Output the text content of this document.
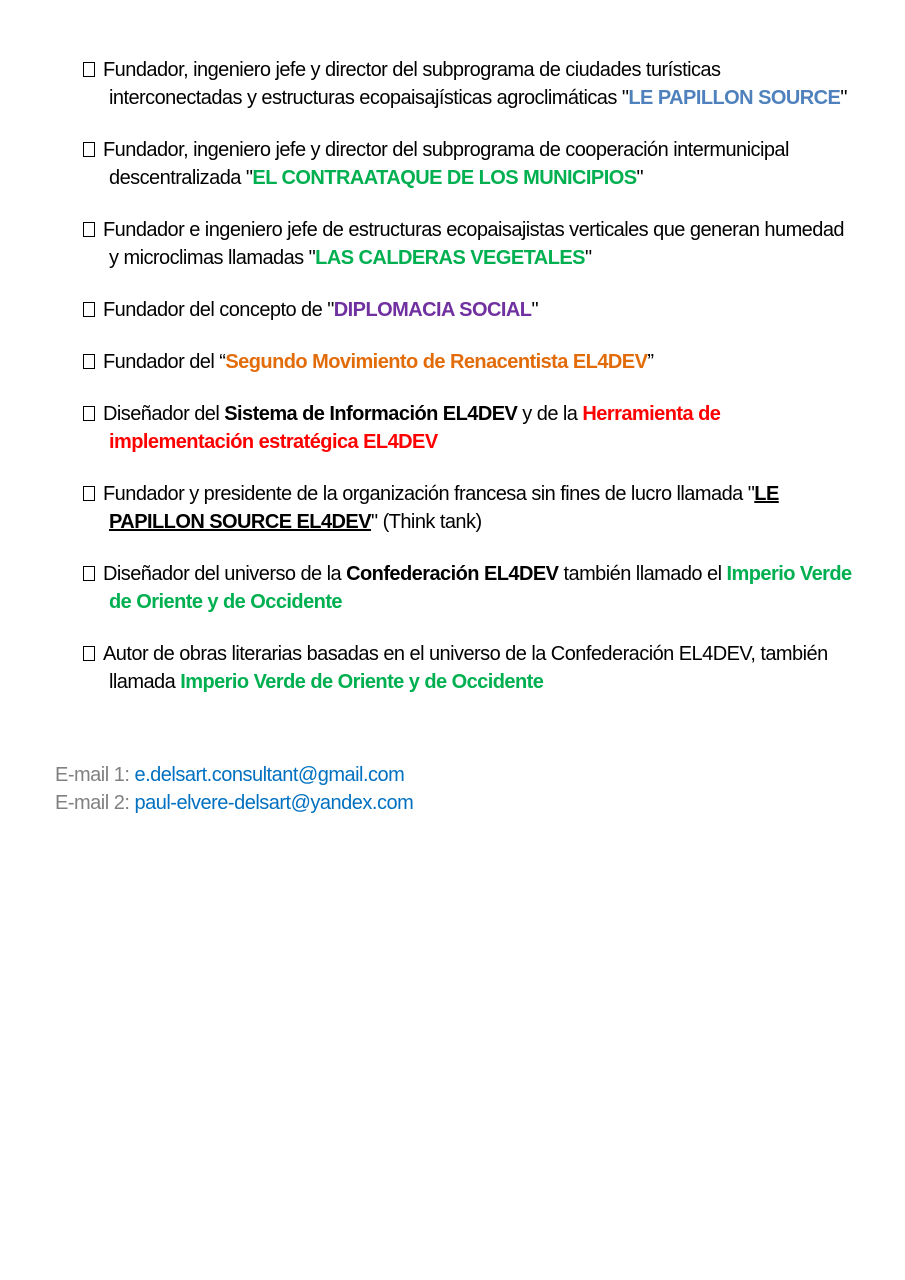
Fundador, ingeniero jefe y director del subprograma de ciudades turísticas interconectadas y estructuras ecopaisajísticas agroclimáticas "LE PAPILLON SOURCE"
Fundador, ingeniero jefe y director del subprograma de cooperación intermunicipal descentralizada "EL CONTRAATAQUE DE LOS MUNICIPIOS"
Fundador e ingeniero jefe de estructuras ecopaisajistas verticales que generan humedad y microclimas llamadas "LAS CALDERAS VEGETALES"
Fundador del concepto de "DIPLOMACIA SOCIAL"
Fundador del “Segundo Movimiento de Renacentista EL4DEV”
Diseñador del Sistema de Información EL4DEV y de la Herramienta de implementación estratégica EL4DEV
Fundador y presidente de la organización francesa sin fines de lucro llamada "LE PAPILLON SOURCE EL4DEV" (Think tank)
Diseñador del universo de la Confederación EL4DEV también llamado el Imperio Verde de Oriente y de Occidente
Autor de obras literarias basadas en el universo de la Confederación EL4DEV, también llamada Imperio Verde de Oriente y de Occidente
E-mail 1: e.delsart.consultant@gmail.com
E-mail 2: paul-elvere-delsart@yandex.com
